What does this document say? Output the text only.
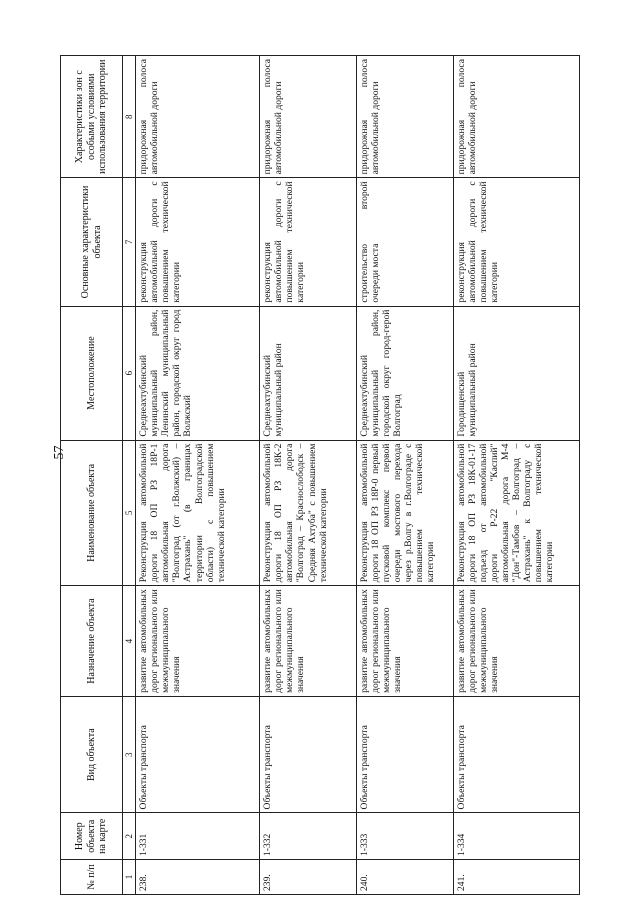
57
№ п/п	Номер объекта на карте	Вид объекта	Назначение объекта	Наименование объекта	Местоположение	Основные характеристики объекта	Характеристики зон с особыми условиями использования территории
1	2	3	4	5	6	7	8
238.	1-331	Объекты транспорта	развитие автомобильных дорог регионального или межмуниципального значения	Реконструкция автомобильной дороги 18 ОП РЗ 18Р-1 автомобильная дорога "Волгоград (от г.Волжский) – Астрахань" (в границах территории Волгоградской области) с повышением технической категории	Среднеахтубинский муниципальный район, Ленинский муниципальный район, городской округ город Волжский	реконструкция автомобильной дороги с повышением технической категории	придорожная полоса автомобильной дороги
239.	1-332	Объекты транспорта	развитие автомобильных дорог регионального или межмуниципального значения	Реконструкция автомобильной дороги 18 ОП РЗ 18К-2 автомобильная дорога "Волгоград – Краснослободск – Средняя Ахтуба" с повышением технической категории	Среднеахтубинский муниципальный район	реконструкция автомобильной дороги с повышением технической категории	придорожная полоса автомобильной дороги
240.	1-333	Объекты транспорта	развитие автомобильных дорог регионального или межмуниципального значения	Реконструкция автомобильной дороги 18 ОП РЗ 18Р-0 первый пусковой комплекс первой очереди мостового перехода через р.Волгу в г.Волгограде с повышением технической категории	Среднеахтубинский муниципальный район, городской округ город-герой Волгоград	строительство второй очереди моста	придорожная полоса автомобильной дороги
241.	1-334	Объекты транспорта	развитие автомобильных дорог регионального или межмуниципального значения	Реконструкция автомобильной дороги 18 ОП РЗ 18К-01-17 подъезд от автомобильной дороги Р-22 "Каспий" автомобильная дорога М-4 "Дон"-Тамбов – Волгоград – Астрахань" к Волгограду с повышением технической категории	Городищенский муниципальный район	реконструкция автомобильной дороги с повышением технической категории	придорожная полоса автомобильной дороги
